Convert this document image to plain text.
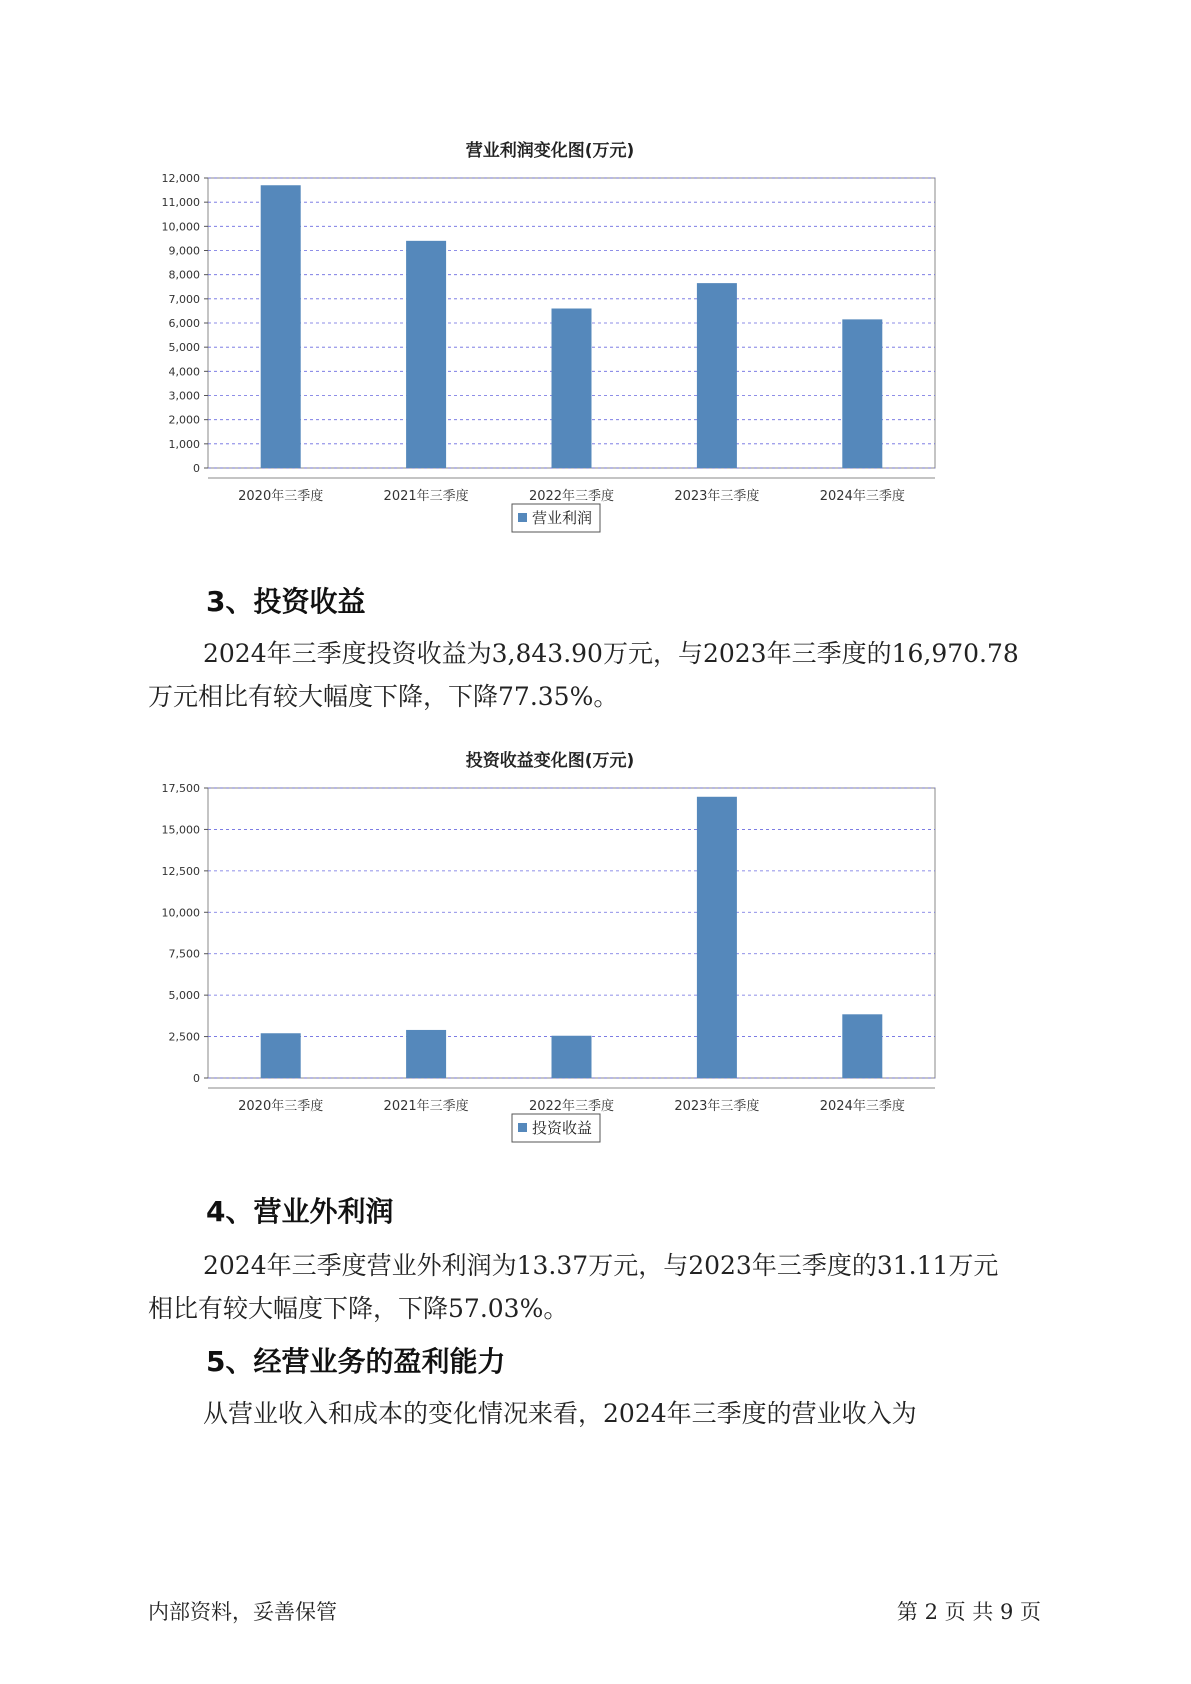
营业利润变化图(万元)
0
1,000
2,000
3,000
4,000
5,000
6,000
7,000
8,000
9,000
10,000
11,000
12,000
2020年三季度	2021年三季度	2022年三季度	2023年三季度	2024年三季度
营业利润
3、投资收益
2024年三季度投资收益为3,843.90万元，与2023年三季度的16,970.78
万元相比有较大幅度下降，下降77.35%。
投资收益变化图(万元)
0
2,500
5,000
7,500
10,000
12,500
15,000
17,500
2020年三季度	2021年三季度	2022年三季度	2023年三季度	2024年三季度
投资收益
4、营业外利润
2024年三季度营业外利润为13.37万元，与2023年三季度的31.11万元
相比有较大幅度下降，下降57.03%。
5、经营业务的盈利能力
从营业收入和成本的变化情况来看，2024年三季度的营业收入为
内部资料，妥善保管	第 2 页 共 9 页
